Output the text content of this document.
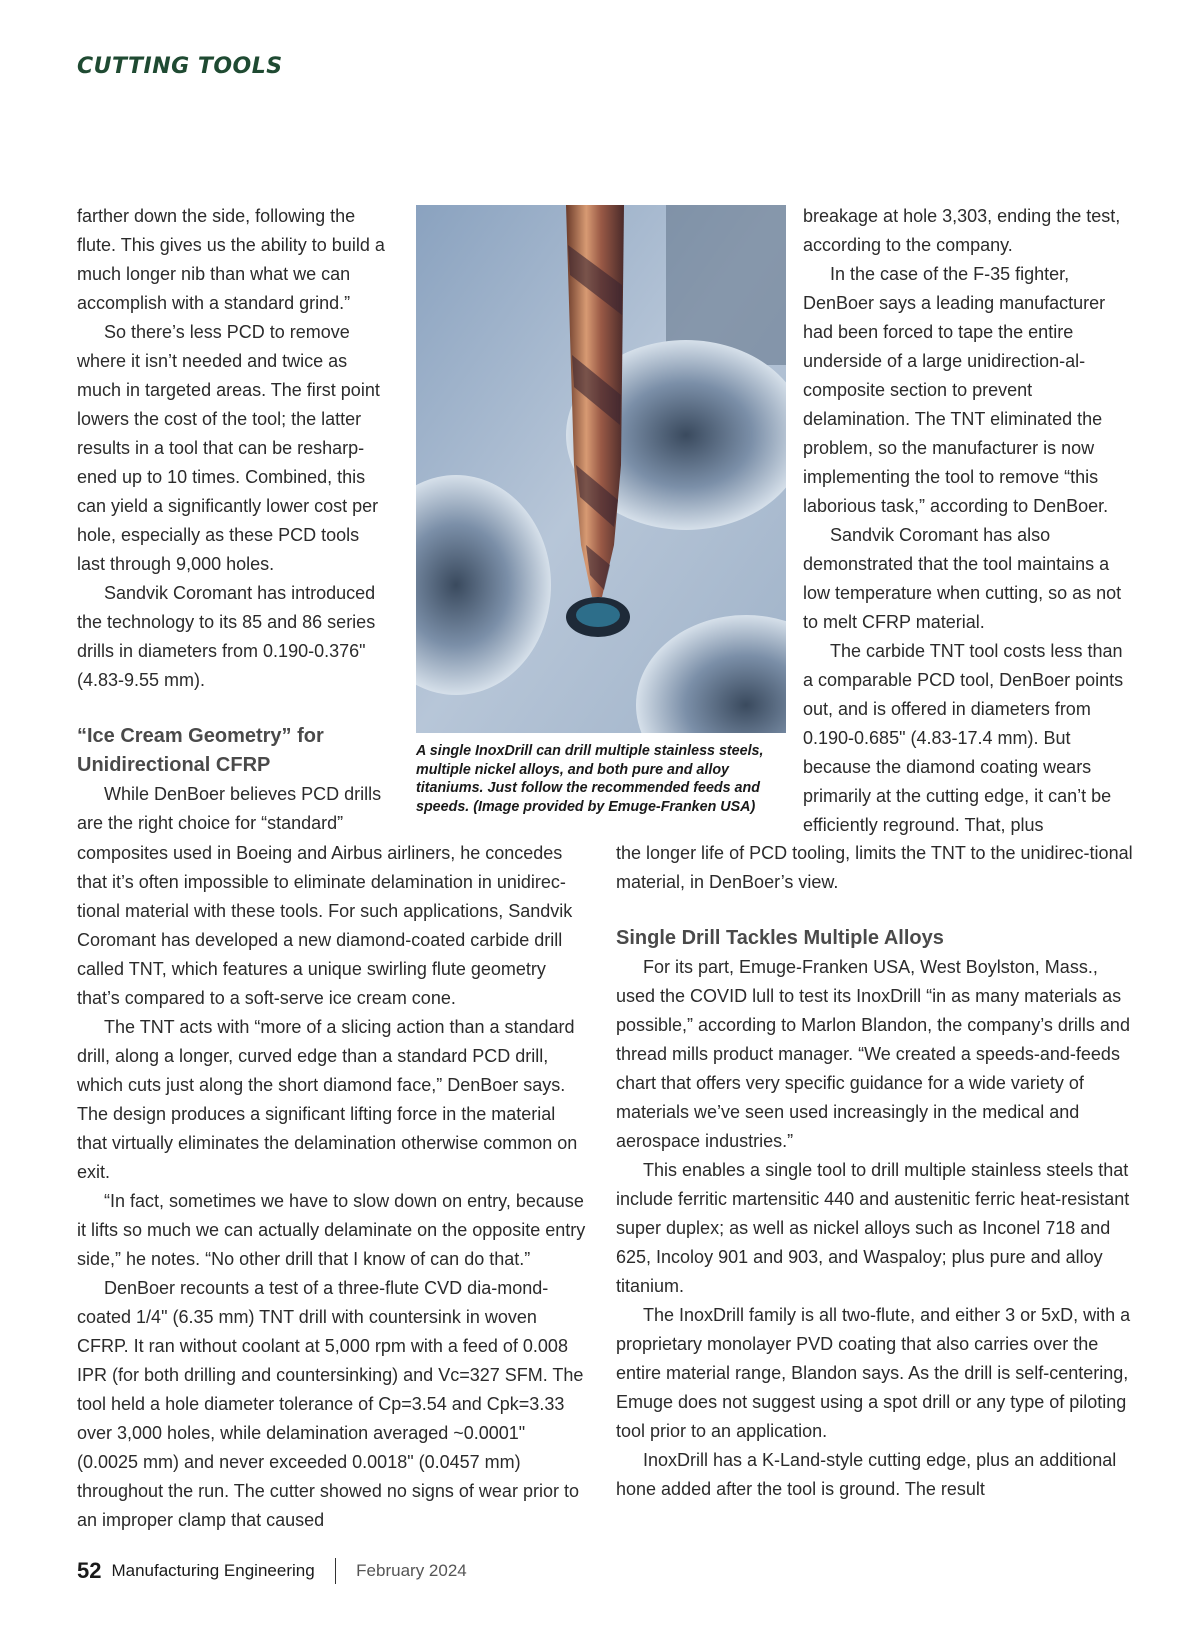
CUTTING TOOLS

farther down the side, following the flute. This gives us the ability to build a much longer nib than what we can accomplish with a standard grind.”

So there’s less PCD to remove where it isn’t needed and twice as much in targeted areas. The first point lowers the cost of the tool; the latter results in a tool that can be resharp-ened up to 10 times. Combined, this can yield a significantly lower cost per hole, especially as these PCD tools last through 9,000 holes.

Sandvik Coromant has introduced the technology to its 85 and 86 series drills in diameters from 0.190-0.376" (4.83-9.55 mm).

“Ice Cream Geometry” for Unidirectional CFRP

While DenBoer believes PCD drills are the right choice for “standard”

A single InoxDrill can drill multiple stainless steels, multiple nickel alloys, and both pure and alloy titaniums. Just follow the recommended feeds and speeds. (Image provided by Emuge-Franken USA)

composites used in Boeing and Airbus airliners, he concedes that it’s often impossible to eliminate delamination in unidirec-tional material with these tools. For such applications, Sandvik Coromant has developed a new diamond-coated carbide drill called TNT, which features a unique swirling flute geometry that’s compared to a soft-serve ice cream cone.

The TNT acts with “more of a slicing action than a standard drill, along a longer, curved edge than a standard PCD drill, which cuts just along the short diamond face,” DenBoer says. The design produces a significant lifting force in the material that virtually eliminates the delamination otherwise common on exit.

“In fact, sometimes we have to slow down on entry, because it lifts so much we can actually delaminate on the opposite entry side,” he notes. “No other drill that I know of can do that.”

DenBoer recounts a test of a three-flute CVD dia-mond-coated 1/4" (6.35 mm) TNT drill with countersink in woven CFRP. It ran without coolant at 5,000 rpm with a feed of 0.008 IPR (for both drilling and countersinking) and Vc=327 SFM. The tool held a hole diameter tolerance of Cp=3.54 and Cpk=3.33 over 3,000 holes, while delamination averaged ~0.0001" (0.0025 mm) and never exceeded 0.0018" (0.0457 mm) throughout the run. The cutter showed no signs of wear prior to an improper clamp that caused

breakage at hole 3,303, ending the test, according to the company.

In the case of the F-35 fighter, DenBoer says a leading manufacturer had been forced to tape the entire underside of a large unidirection-al-composite section to prevent delamination. The TNT eliminated the problem, so the manufacturer is now implementing the tool to remove “this laborious task,” according to DenBoer.

Sandvik Coromant has also demonstrated that the tool maintains a low temperature when cutting, so as not to melt CFRP material.

The carbide TNT tool costs less than a comparable PCD tool, DenBoer points out, and is offered in diameters from 0.190-0.685" (4.83-17.4 mm). But because the diamond coating wears primarily at the cutting edge, it can’t be efficiently reground. That, plus

the longer life of PCD tooling, limits the TNT to the unidirec-tional material, in DenBoer’s view.

Single Drill Tackles Multiple Alloys

For its part, Emuge-Franken USA, West Boylston, Mass., used the COVID lull to test its InoxDrill “in as many materials as possible,” according to Marlon Blandon, the company’s drills and thread mills product manager. “We created a speeds-and-feeds chart that offers very specific guidance for a wide variety of materials we’ve seen used increasingly in the medical and aerospace industries.”

This enables a single tool to drill multiple stainless steels that include ferritic martensitic 440 and austenitic ferric heat-resistant super duplex; as well as nickel alloys such as Inconel 718 and 625, Incoloy 901 and 903, and Waspaloy; plus pure and alloy titanium.

The InoxDrill family is all two-flute, and either 3 or 5xD, with a proprietary monolayer PVD coating that also carries over the entire material range, Blandon says. As the drill is self-centering, Emuge does not suggest using a spot drill or any type of piloting tool prior to an application.

InoxDrill has a K-Land-style cutting edge, plus an additional hone added after the tool is ground. The result

52 Manufacturing Engineering February 2024
